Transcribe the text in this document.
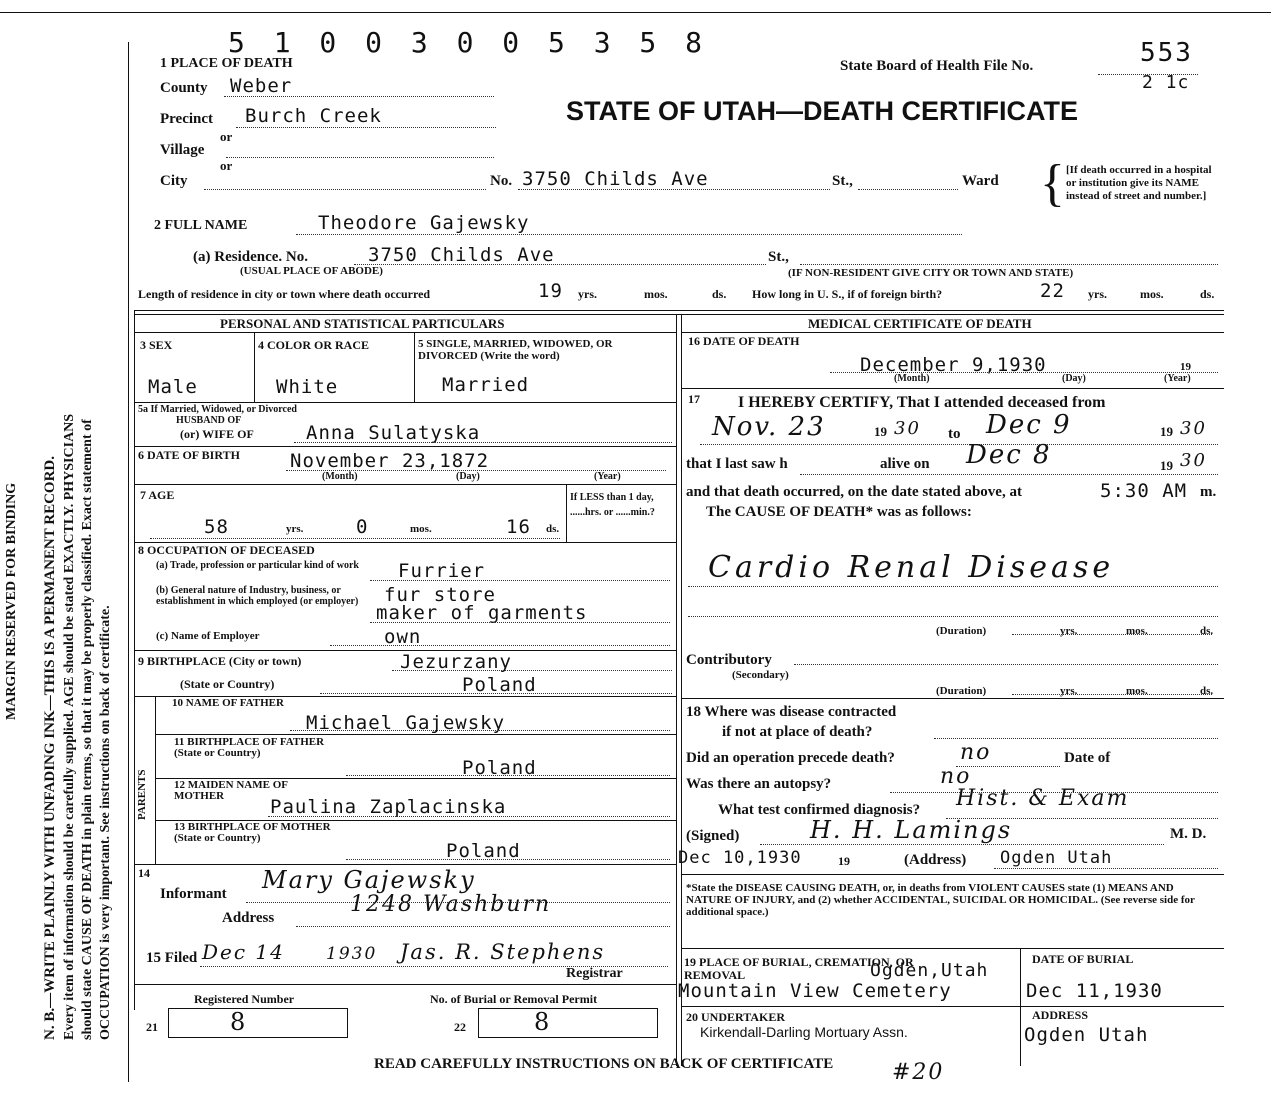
N. B.—WRITE PLAINLY WITH UNFADING INK—THIS IS A PERMANENT RECORD. Every item of information should be carefully supplied. AGE should be stated EXACTLY. PHYSICIANS should state CAUSE OF DEATH in plain terms, so that it may be properly classified. Exact statement of OCCUPATION is very important. See instructions on back of certificate.
MARGIN RESERVED FOR BINDING
5 1 0 0 3 0 0 5 3 5 8
1 PLACE OF DEATH	State Board of Health File No.	553
2 1c
STATE OF UTAH—DEATH CERTIFICATE
County Weber
Precinct Burch Creek
or
Village
or
City	No. 3750 Childs Ave	St.,	Ward { [If death occurred in a hospital or institution give its NAME instead of street and number.]
2 FULL NAME	Theodore Gajewsky
(a) Residence. No.	3750 Childs Ave	St.,
(USUAL PLACE OF ABODE)	(IF NON-RESIDENT GIVE CITY OR TOWN AND STATE)
Length of residence in city or town where death occurred	19 yrs.	mos.	ds. How long in U. S., if of foreign birth?	22 yrs.	mos.	ds.
PERSONAL AND STATISTICAL PARTICULARS
3 SEX	4 COLOR OR RACE	5 SINGLE, MARRIED, WIDOWED, OR DIVORCED (Write the word)
Male	White	Married
5a If Married, Widowed, or Divorced
HUSBAND OF
(or) WIFE OF	Anna Sulatyska
6 DATE OF BIRTH	November 23,1872
(Month)	(Day)	(Year)
7 AGE
58	yrs.	0	mos.	16 ds.
If LESS than 1 day, ......hrs. or ......min.?
8 OCCUPATION OF DECEASED
(a) Trade, profession or particular kind of work	Furrier
(b) General nature of Industry, business, or establishment in which employed (or employer)	fur store
maker of garments
(c) Name of Employer	own
9 BIRTHPLACE (City or town)	Jezurzany
(State or Country)	Poland
PARENTS
10 NAME OF FATHER
Michael Gajewsky
11 BIRTHPLACE OF FATHER (State or Country)
Poland
12 MAIDEN NAME OF MOTHER	Paulina Zaplacinska
13 BIRTHPLACE OF MOTHER (State or Country)
Poland
14
Informant Mary Gajewsky
Address
1248 Washburn
15 Filed Dec 14 1930 Jas. R. Stephens
Registrar
Registered Number	No. of Burial or Removal Permit
21	8	22	8
READ CAREFULLY INSTRUCTIONS ON BACK OF CERTIFICATE	#20
MEDICAL CERTIFICATE OF DEATH
16 DATE OF DEATH
December 9,1930	19
(Month)	(Day)	(Year)
17 I HEREBY CERTIFY, That I attended deceased from
Nov. 23	19 30 to Dec 9	19 30
that I last saw h	alive on Dec 8	19 30
and that death occurred, on the date stated above, at	5:30 AM m.
The CAUSE OF DEATH* was as follows:
Cardio Renal Disease
(Duration)	yrs.	mos.	ds.
Contributory
(Secondary)
(Duration)	yrs.	mos.	ds.
18 Where was disease contracted
if not at place of death?
Did an operation precede death?	no	Date of
Was there an autopsy?	no
What test confirmed diagnosis? Hist. & Exam
(Signed)	H. H. Lamings	M. D.
Dec 10,1930	19	(Address) Ogden Utah
*State the DISEASE CAUSING DEATH, or, in deaths from VIOLENT CAUSES state (1) MEANS AND NATURE OF INJURY, and (2) whether ACCIDENTAL, SUICIDAL OR HOMICIDAL. (See reverse side for additional space.)
19 PLACE OF BURIAL, CREMATION, OR REMOVAL	Ogden,Utah
Mountain View Cemetery
DATE OF BURIAL
Dec 11,1930
20 UNDERTAKER
Kirkendall-Darling Mortuary Assn.
ADDRESS
Ogden Utah
